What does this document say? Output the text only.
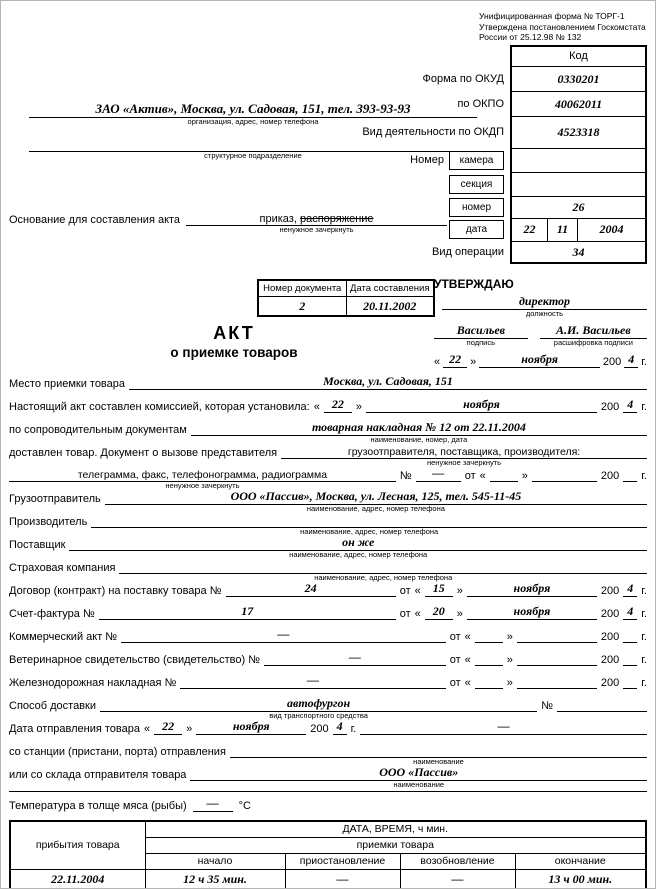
Унифицированная форма № ТОРГ-1
Утверждена постановлением Госкомстата
России от 25.12.98 № 132
ЗАО «Актив», Москва, ул. Садовая, 151, тел. 393-93-93
организация, адрес, номер телефона
структурное подразделение
Основание для составления акта	приказ, распоряжение
ненужное зачеркнуть
	Код
Форма по ОКУД	0330201
по ОКПО	40062011
Вид деятельности по ОКДП	4523318
Номер камера	
секция	
номер	26
дата	22 11 2004

Вид операции	34
Номер документа	Дата составления
2	20.11.2002
АКТ
о приемке товаров
УТВЕРЖДАЮ
директор
должность
Васильев
подпись
А.И. Васильев
расшифровка подписи
« 22 »	ноября	200 4 г.
Место приемки товара	Москва, ул. Садовая, 151
Настоящий акт составлен комиссией, которая установила: « 22 »	ноября	200 4 г.
по сопроводительным документам	товарная накладная № 12 от 22.11.2004
наименование, номер, дата
доставлен товар. Документ о вызове представителя	грузоотправителя, поставщика, производителя:
ненужное зачеркнуть
телеграмма, факс, телефонограмма, радиограмма
ненужное зачеркнуть
№ — от «	»	200 г.
Грузоотправитель	ООО «Пассив», Москва, ул. Лесная, 125, тел. 545-11-45
наименование, адрес, номер телефона
Производитель
наименование, адрес, номер телефона
Поставщик	он же
наименование, адрес, номер телефона
Страховая компания
наименование, адрес, номер телефона
Договор (контракт) на поставку товара №	24	от « 15 »	ноября	200 4 г.
Счет-фактура №	17	от « 20 »	ноября	200 4 г.
Коммерческий акт №	—	от «	»	200 г.
Ветеринарное свидетельство (свидетельство) №	—	от «	»	200 г.
Железнодорожная накладная №	—	от «	»	200 г.
Способ доставки	автофургон
вид транспортного средства
№
Дата отправления товара « 22 »	ноября	200 4 г.	—
со станции (пристани, порта) отправления
наименование
или со склада отправителя товара	ООО «Пассив»
наименование
Температура в толще мяса (рыбы) — °C
прибытия товара	ДАТА, ВРЕМЯ, ч мин.			
	приемки товара			
	начало	приостановление	возобновление	окончание
22.11.2004	12 ч 35 мин.	—	—	13 ч 00 мин.
